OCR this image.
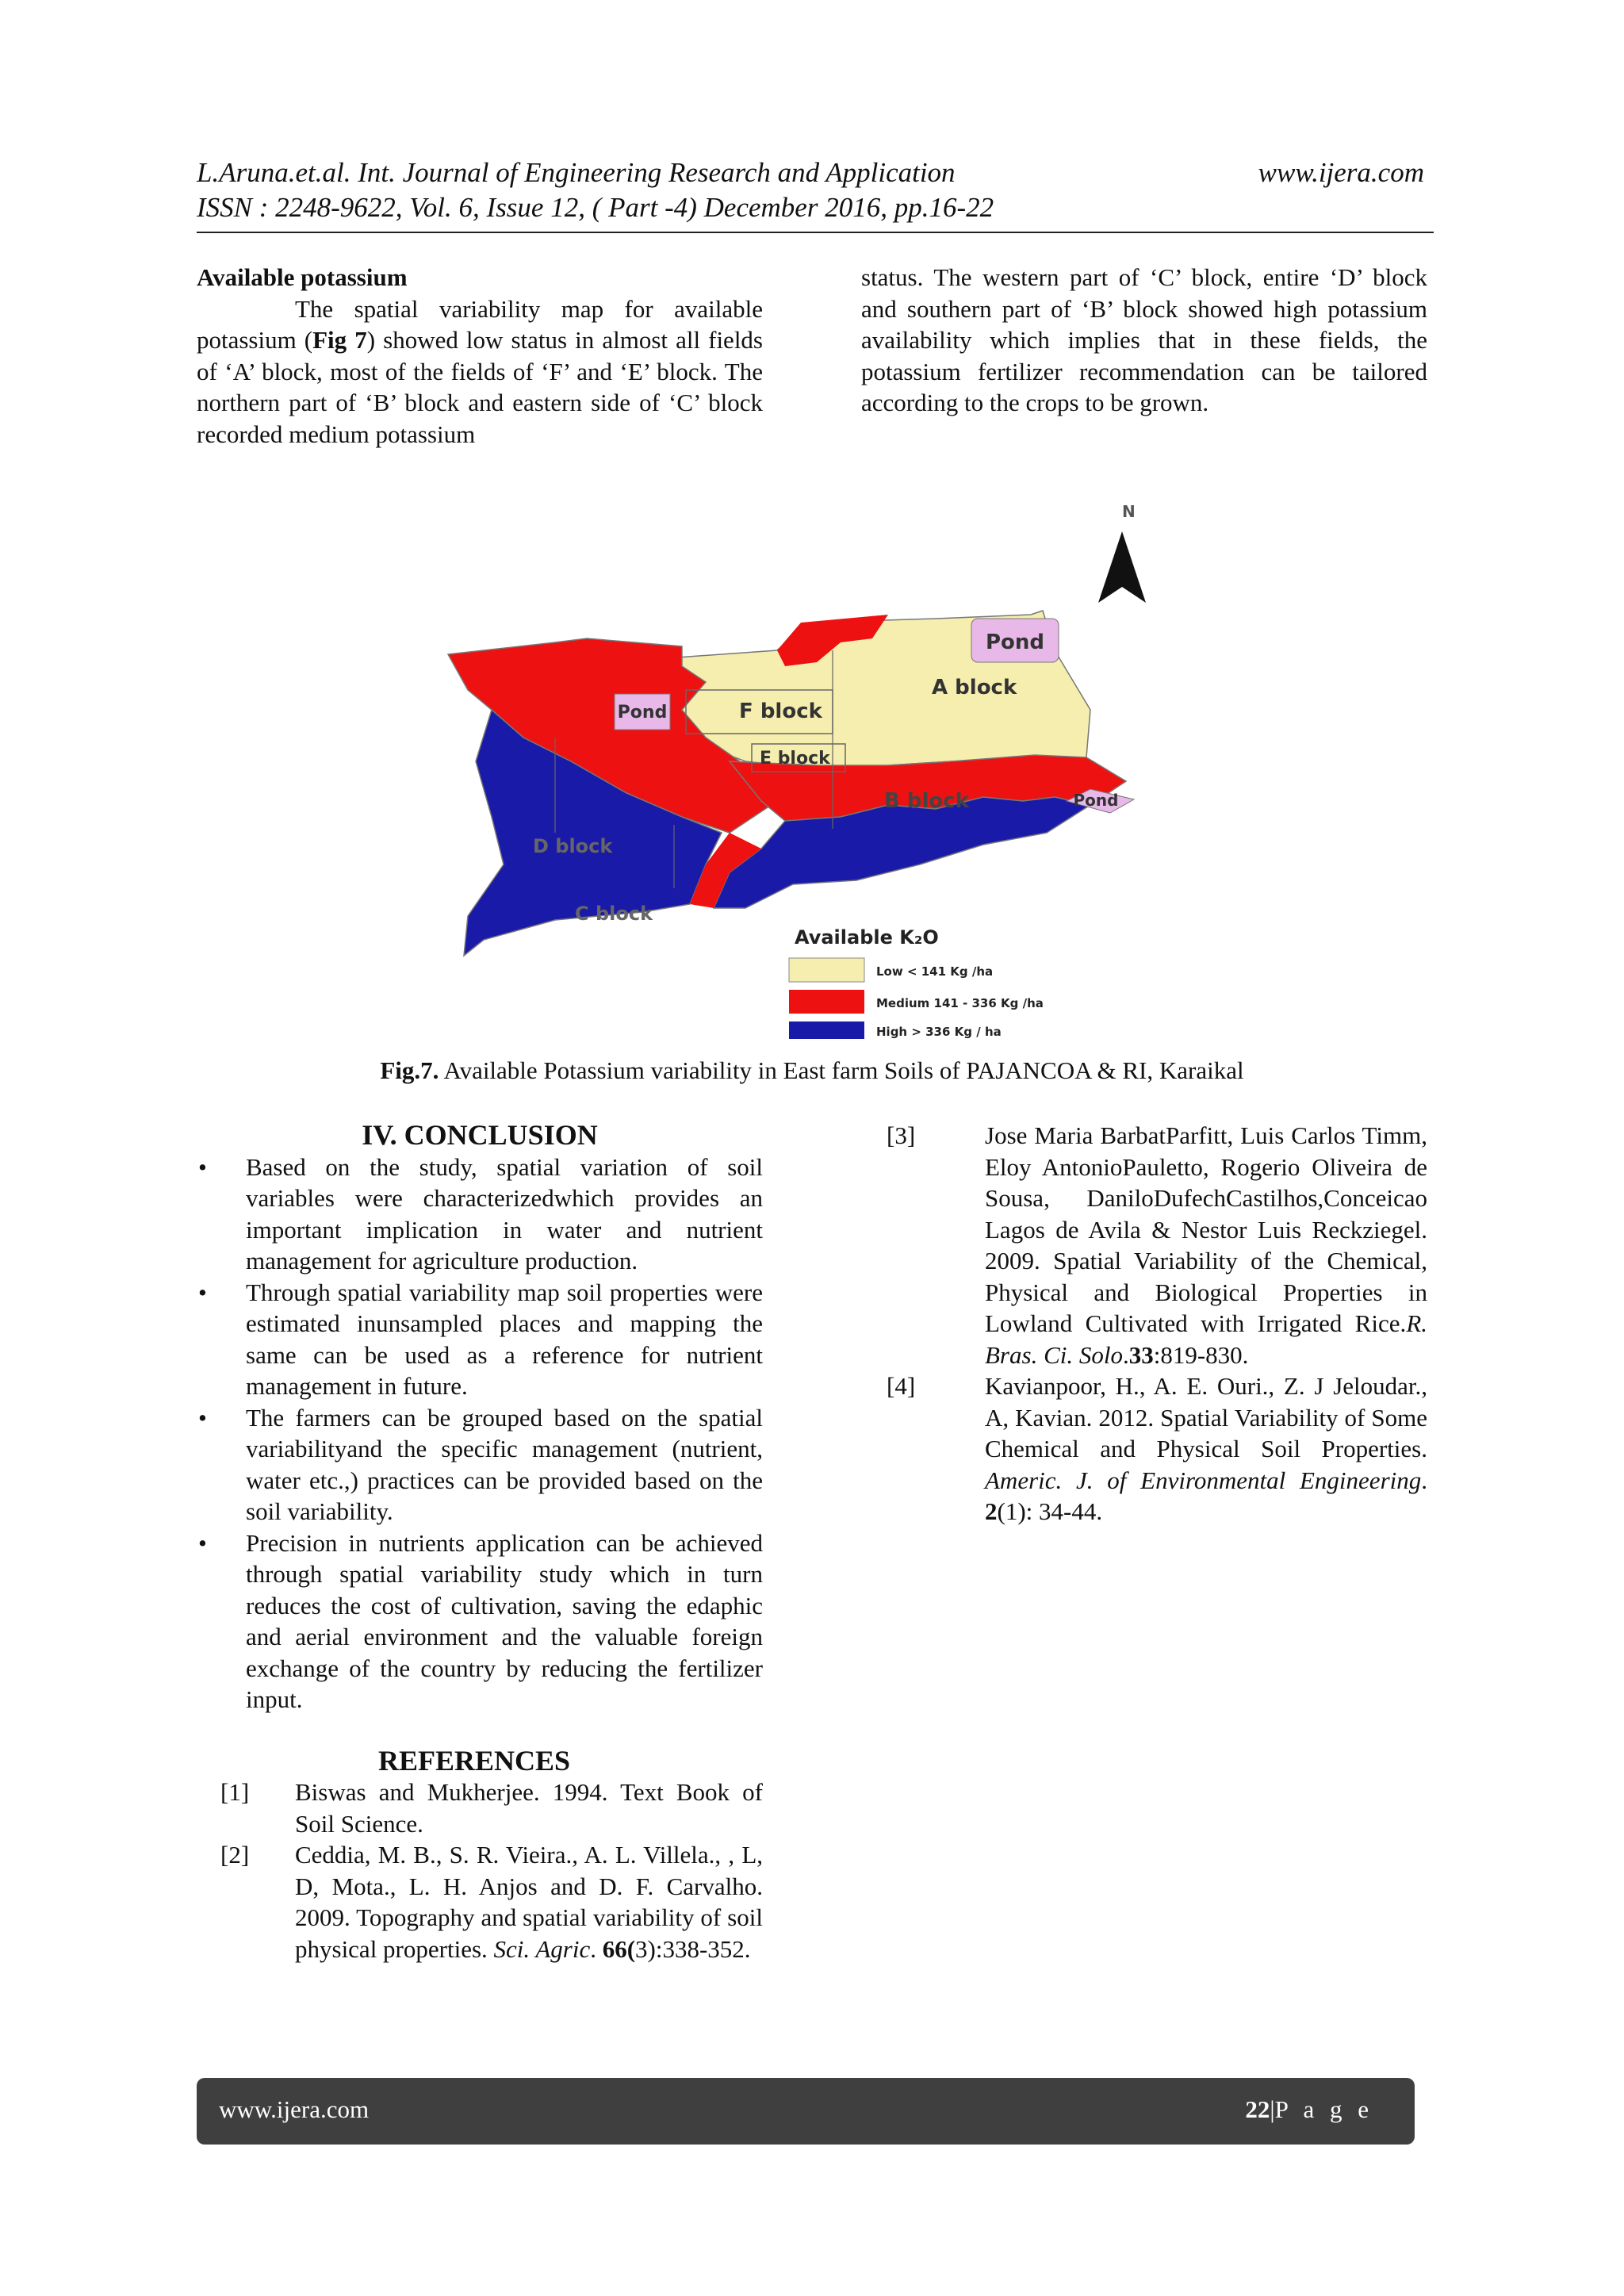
L.Aruna.et.al. Int. Journal of Engineering Research and Application	www.ijera.com
ISSN : 2248-9622, Vol. 6, Issue 12, ( Part -4) December 2016, pp.16-22

Available potassium

The spatial variability map for available potassium (Fig 7) showed low status in almost all fields of ‘A’ block, most of the fields of ‘F’ and ‘E’ block. The northern part of ‘B’ block and eastern side of ‘C’ block recorded medium potassium

status. The western part of ‘C’ block, entire ‘D’ block and southern part of ‘B’ block showed high potassium availability which implies that in these fields, the potassium fertilizer recommendation can be tailored according to the crops to be grown.

N
Pond
Pond
Pond
A block
F block
E block
B block
D block
C block
Available K₂O
Low < 141 Kg /ha
Medium 141 - 336 Kg /ha
High > 336 Kg / ha
Fig.7. Available Potassium variability in East farm Soils of PAJANCOA & RI, Karaikal

IV. CONCLUSION

• Based on the study, spatial variation of soil variables were characterizedwhich provides an important implication in water and nutrient management for agriculture production.
• Through spatial variability map soil properties were estimated inunsampled places and mapping the same can be used as a reference for nutrient management in future.
• The farmers can be grouped based on the spatial variabilityand the specific management (nutrient, water etc.,) practices can be provided based on the soil variability.
• Precision in nutrients application can be achieved through spatial variability study which in turn reduces the cost of cultivation, saving the edaphic and aerial environment and the valuable foreign exchange of the country by reducing the fertilizer input.

REFERENCES

[1] Biswas and Mukherjee. 1994. Text Book of Soil Science.
[2] Ceddia, M. B., S. R. Vieira., A. L. Villela., , L, D, Mota., L. H. Anjos and D. F. Carvalho. 2009. Topography and spatial variability of soil physical properties. Sci. Agric. 66(3):338-352.
[3]	Jose Maria BarbatParfitt, Luis Carlos Timm, Eloy AntonioPauletto, Rogerio Oliveira de Sousa, DaniloDufechCastilhos,Conceicao Lagos de Avila & Nestor Luis Reckziegel. 2009. Spatial Variability of the Chemical, Physical and Biological Properties in Lowland Cultivated with Irrigated Rice.R. Bras. Ci. Solo.33:819-830.
[4]	Kavianpoor, H., A. E. Ouri., Z. J Jeloudar., A, Kavian. 2012. Spatial Variability of Some Chemical and Physical Soil Properties. Americ. J. of Environmental Engineering. 2(1): 34-44.
www.ijera.com	22|P a g e
